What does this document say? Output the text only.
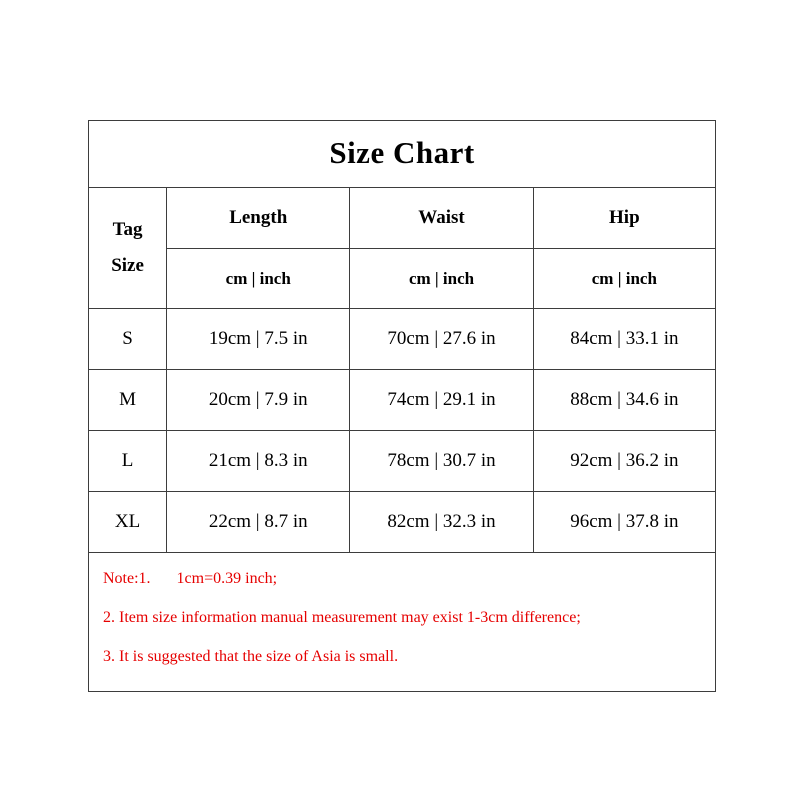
Size Chart
Tag
Size	Length	Waist	Hip
	cm | inch	cm | inch	cm | inch
S	19cm | 7.5 in	70cm | 27.6 in	84cm | 33.1 in
M	20cm | 7.9 in	74cm | 29.1 in	88cm | 34.6 in
L	21cm | 8.3 in	78cm | 30.7 in	92cm | 36.2 in
XL	22cm | 8.7 in	82cm | 32.3 in	96cm | 37.8 in

Note:1. 1cm=0.39 inch;

2. Item size information manual measurement may exist 1-3cm difference;

3. It is suggested that the size of Asia is small.
